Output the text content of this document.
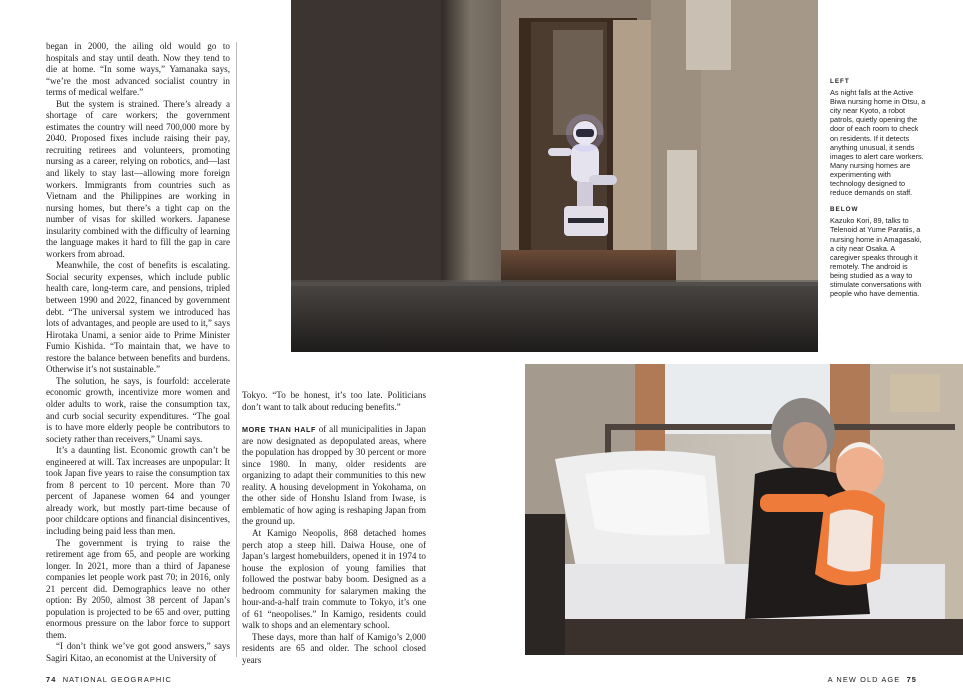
began in 2000, the ailing old would go to hospitals and stay until death. Now they tend to die at home. “In some ways,” Yamanaka says, “we’re the most advanced socialist country in terms of medical welfare.”

But the system is strained. There’s already a shortage of care workers; the government estimates the country will need 700,000 more by 2040. Proposed fixes include raising their pay, recruiting retirees and volunteers, promoting nursing as a career, relying on robotics, and—last and likely to stay last—allowing more foreign workers. Immigrants from countries such as Vietnam and the Philippines are working in nursing homes, but there’s a tight cap on the number of visas for skilled workers. Japanese insularity combined with the difficulty of learning the language makes it hard to fill the gap in care workers from abroad.

Meanwhile, the cost of benefits is escalating. Social security expenses, which include public health care, long-term care, and pensions, tripled between 1990 and 2022, financed by government debt. “The universal system we introduced has lots of advantages, and people are used to it,” says Hirotaka Unami, a senior aide to Prime Minister Fumio Kishida. “To maintain that, we have to restore the balance between benefits and burdens. Otherwise it’s not sustainable.”

The solution, he says, is fourfold: accelerate economic growth, incentivize more women and older adults to work, raise the consumption tax, and curb social security expenditures. “The goal is to have more elderly people be contributors to society rather than receivers,” Unami says.

It’s a daunting list. Economic growth can’t be engineered at will. Tax increases are unpopular: It took Japan five years to raise the consumption tax from 8 percent to 10 percent. More than 70 percent of Japanese women 64 and younger already work, but mostly part-time because of poor childcare options and financial disincentives, including being paid less than men.

The government is trying to raise the retirement age from 65, and people are working longer. In 2021, more than a third of Japanese companies let people work past 70; in 2016, only 21 percent did. Demographics leave no other option: By 2050, almost 38 percent of Japan’s population is projected to be 65 and over, putting enormous pressure on the labor force to support them.

“I don’t think we’ve got good answers,” says Sagiri Kitao, an economist at the University of

Tokyo. “To be honest, it’s too late. Politicians don’t want to talk about reducing benefits.”

MORE THAN HALF of all municipalities in Japan are now designated as depopulated areas, where the population has dropped by 30 percent or more since 1980. In many, older residents are organizing to adapt their communities to this new reality. A housing development in Yokohama, on the other side of Honshu Island from Iwase, is emblematic of how aging is reshaping Japan from the ground up.

At Kamigo Neopolis, 868 detached homes perch atop a steep hill. Daiwa House, one of Japan’s largest homebuilders, opened it in 1974 to house the explosion of young families that followed the postwar baby boom. Designed as a bedroom community for salarymen making the hour-and-a-half train commute to Tokyo, it’s one of 61 “neopolises.” In Kamigo, residents could walk to shops and an elementary school.

These days, more than half of Kamigo’s 2,000 residents are 65 and older. The school closed years

LEFT

As night falls at the Active Biwa nursing home in Otsu, a city near Kyoto, a robot patrols, quietly opening the door of each room to check on residents. If it detects anything unusual, it sends images to alert care workers. Many nursing homes are experimenting with technology designed to reduce demands on staff.

BELOW

Kazuko Kori, 89, talks to Telenoid at Yume Paratiis, a nursing home in Amagasaki, a city near Osaka. A caregiver speaks through it remotely. The android is being studied as a way to stimulate conversations with people who have dementia.

74 NATIONAL GEOGRAPHIC	A NEW OLD AGE 75
